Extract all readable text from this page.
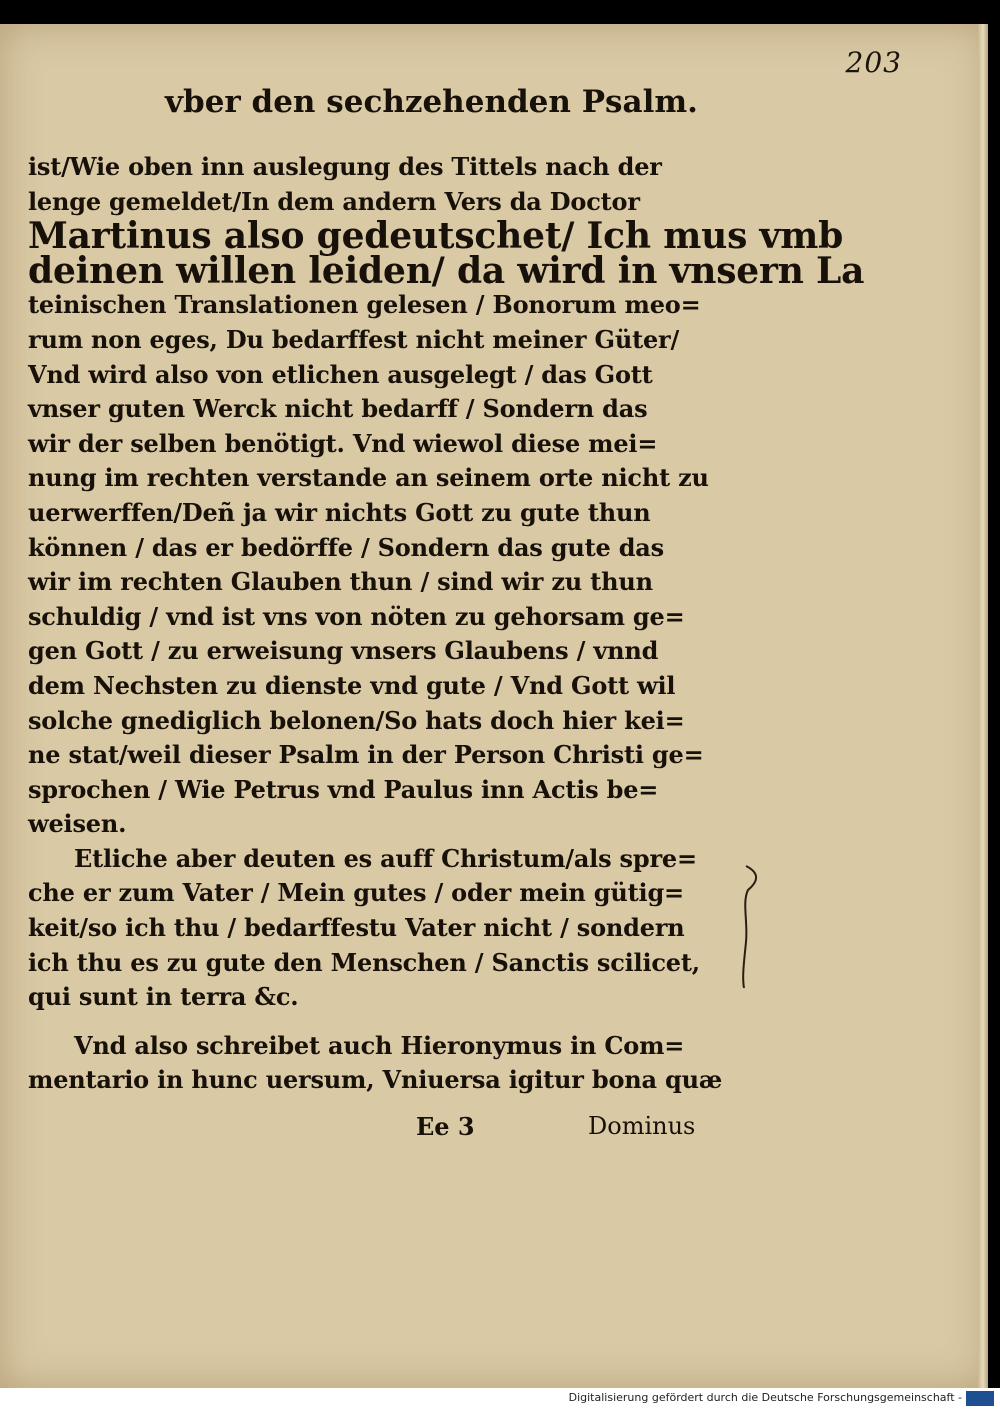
203
vber den sechzehenden Psalm.
ist/Wie oben inn auslegung des Tittels nach der
lenge gemeldet/In dem andern Vers da Doctor
Martinus also gedeutschet/ Ich mus vmb
deinen willen leiden/ da wird in vnsern La
teinischen Translationen gelesen / Bonorum meo=
rum non eges, Du bedarffest nicht meiner Güter/
Vnd wird also von etlichen ausgelegt / das Gott
vnser guten Werck nicht bedarff / Sondern das
wir der selben benötigt. Vnd wiewol diese mei=
nung im rechten verstande an seinem orte nicht zu
uerwerffen/Deñ ja wir nichts Gott zu gute thun
können / das er bedörffe / Sondern das gute das
wir im rechten Glauben thun / sind wir zu thun
schuldig / vnd ist vns von nöten zu gehorsam ge=
gen Gott / zu erweisung vnsers Glaubens / vnnd
dem Nechsten zu dienste vnd gute / Vnd Gott wil
solche gnediglich belonen/So hats doch hier kei=
ne stat/weil dieser Psalm in der Person Christi ge=
sprochen / Wie Petrus vnd Paulus inn Actis be=
weisen.
Etliche aber deuten es auff Christum/als spre=
che er zum Vater / Mein gutes / oder mein gütig=
keit/so ich thu / bedarffestu Vater nicht / sondern
ich thu es zu gute den Menschen / Sanctis scilicet,
qui sunt in terra &c.
Vnd also schreibet auch Hieronymus in Com=
mentario in hunc uersum, Vniuersa igitur bona quæ
Ee 3	Dominus
Digitalisierung gefördert durch die Deutsche Forschungsgemeinschaft -
